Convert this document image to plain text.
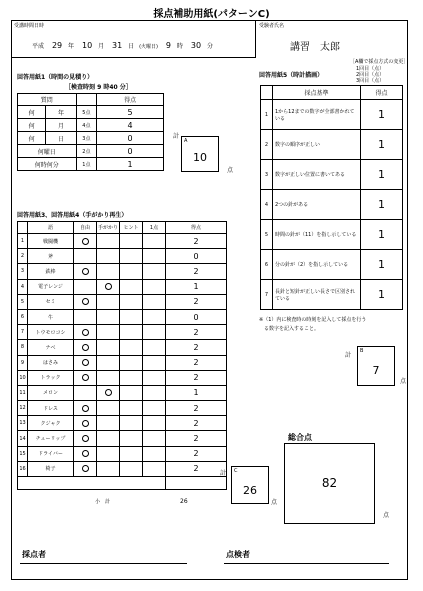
採点補助用紙(パターンC)
受講時間日時
平成 29 年 10 月 31 日 (火曜日) 9 時 30 分
受験者氏名
講習　太郎
回答用紙1（時間の見積り）
［検査時刻 9 時40 分］
質問			得点
何	年	5点	5
何	月	4点	4
何	日	3点	0
何曜日		2点	0
何時何分		1点	1
計
A
10
点
回答用紙5（時計描画）
［A欄で採点方式の変更］
1回目（点）
2回目（点）
3回目（点）
	採点基準	得点
1	1から12までの数字が全部書かれている	1
2	数字の順序が正しい	1
3	数字が正しい位置に書いてある	1
4	2つの針がある	1
5	時間の針が（11）を指し示している	1
6	分の針が（2）を指し示している	1
7	長針と短針が正しい長さで区別されている	1
※（1）内に検査時の時刻を記入して採点を行う
る数字を記入すること。
計
B
7
点
回答用紙3、回答用紙4（手がかり再生）
	語	自由	手がかり	ヒント	1点	得点
1	戦闘機					2
2	斧					0
3	鉄棒					2
4	電子レンジ					1
5	セミ					2
6	牛					0
7	トウモロコシ					2
8	ナベ					2
9	はさみ					2
10	トラック					2
11	メロン					1
12	ドレス					2
13	クジャク					2
14	チューリップ					2
15	ドライバー					2
16	椅子					2

小　計	26
計 C
26
点
総合点
82
点
採点者	点検者
